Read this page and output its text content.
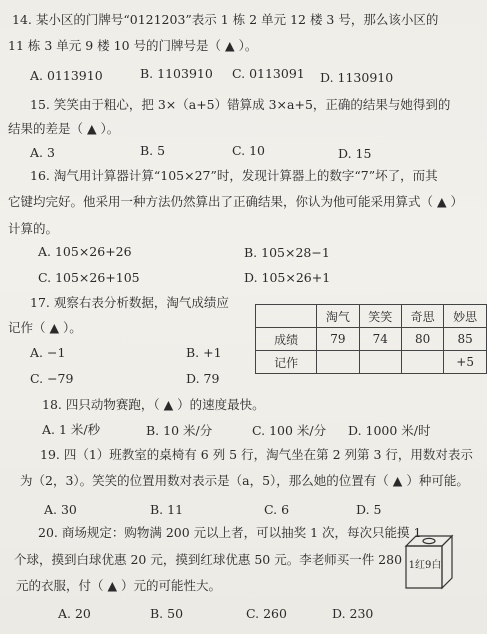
14. 某小区的门牌号“0121203”表示 1 栋 2 单元 12 楼 3 号，那么该小区的
11 栋 3 单元 9 楼 10 号的门牌号是（ ▲ ）。
A. 0113910	B. 1103910 C. 0113091 D. 1130910
15. 笑笑由于粗心，把 3×（a+5）错算成 3×a+5，正确的结果与她得到的
结果的差是（ ▲ ）。
A. 3	B. 5	C. 10	D. 15
16. 淘气用计算器计算“105×27”时，发现计算器上的数字“7”坏了，而其
它键均完好。他采用一种方法仍然算出了正确结果，你认为他可能采用算式（ ▲ ）
计算的。
A. 105×26+26	B. 105×28−1
C. 105×26+105	D. 105×26+1
17. 观察右表分析数据，淘气成绩应
记作（ ▲ ）。
A. −1	B. +1
C. −79	D. 79
	淘气	笑笑	奇思	妙思
成绩	79	74	80	85
记作				+5
18. 四只动物赛跑，（ ▲ ）的速度最快。
A. 1 米/秒	B. 10 米/分	C. 100 米/分 D. 1000 米/时
19. 四（1）班教室的桌椅有 6 列 5 行，淘气坐在第 2 列第 3 行，用数对表示
为（2，3）。笑笑的位置用数对表示是（a，5），那么她的位置有（ ▲ ）种可能。
A. 30	B. 11	C. 6	D. 5
20. 商场规定：购物满 200 元以上者，可以抽奖 1 次，每次只能摸 1
个球，摸到白球优惠 20 元，摸到红球优惠 50 元。李老师买一件 280
元的衣服，付（ ▲ ）元的可能性大。
A. 20	B. 50	C. 260	D. 230
1红9白
